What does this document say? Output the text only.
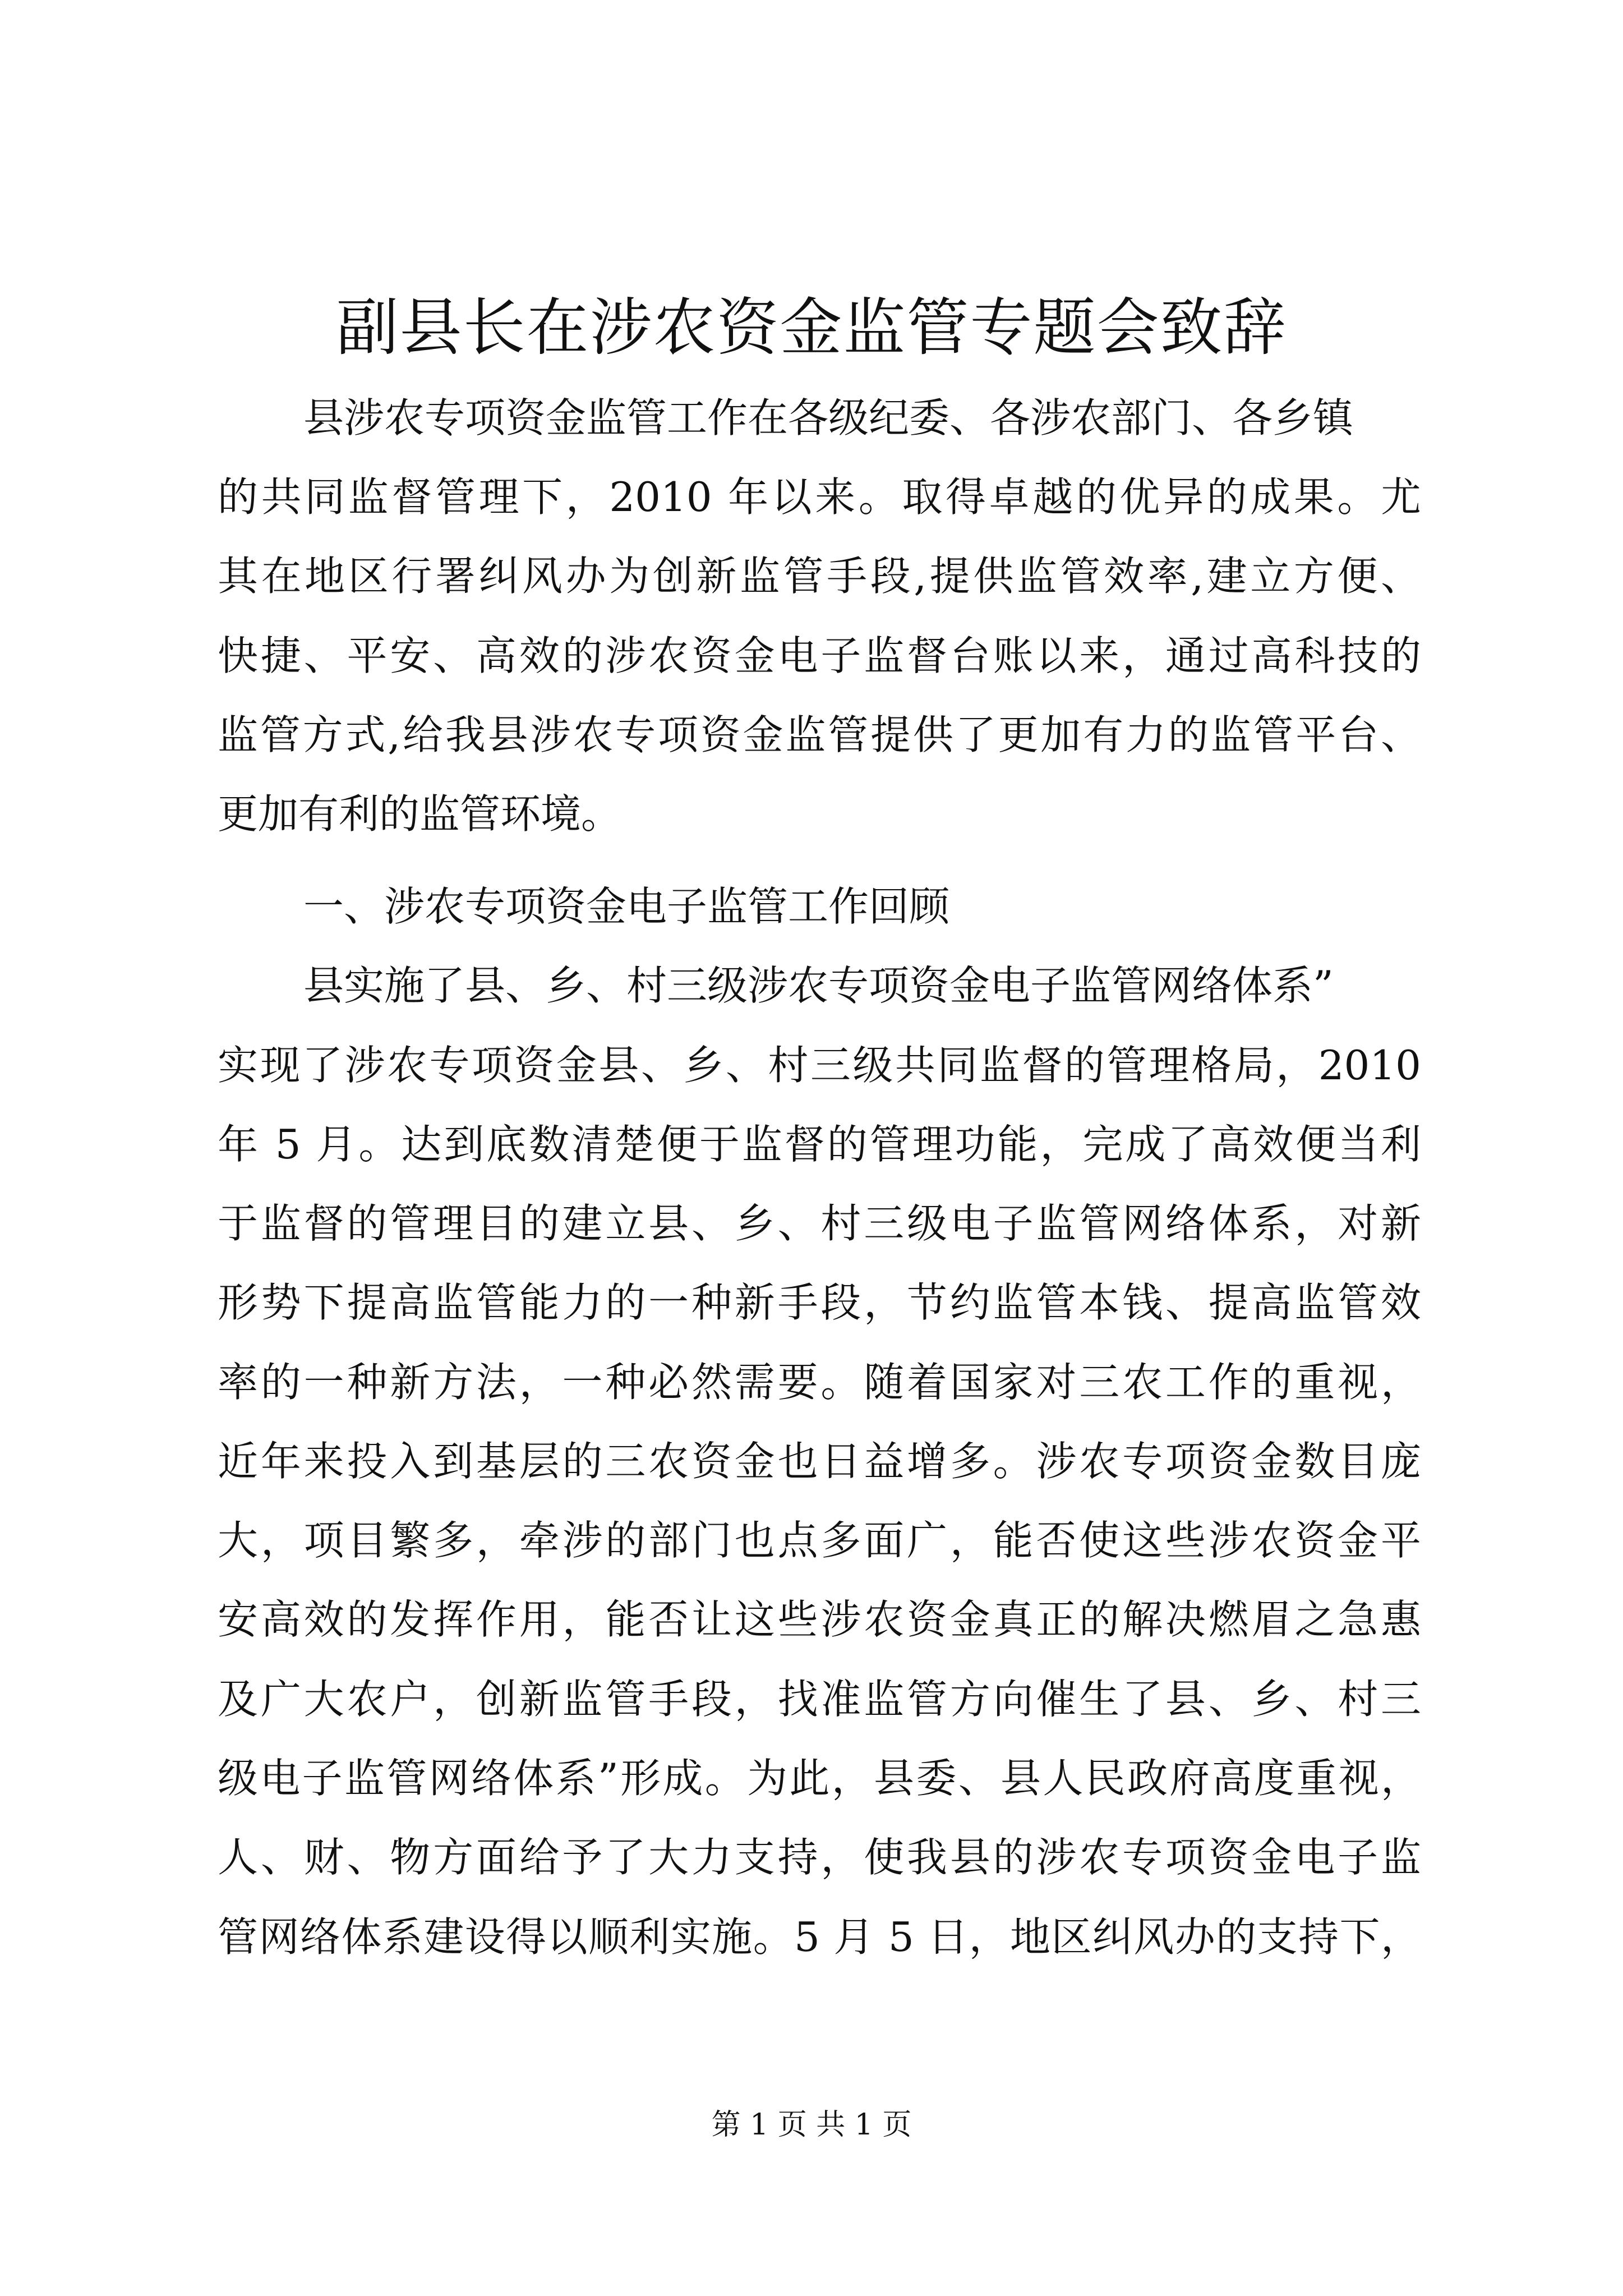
副县长在涉农资金监管专题会致辞

县涉农专项资金监管工作在各级纪委、各涉农部门、各乡镇

的共同监督管理下，2010 年以来。取得卓越的优异的成果。尤

其在地区行署纠风办为创新监管手段,提供监管效率,建立方便、

快捷、平安、高效的涉农资金电子监督台账以来，通过高科技的

监管方式,给我县涉农专项资金监管提供了更加有力的监管平台、

更加有利的监管环境。

一、涉农专项资金电子监管工作回顾

县实施了县、乡、村三级涉农专项资金电子监管网络体系”

实现了涉农专项资金县、乡、村三级共同监督的管理格局，2010

年 5 月。达到底数清楚便于监督的管理功能，完成了高效便当利

于监督的管理目的建立县、乡、村三级电子监管网络体系，对新

形势下提高监管能力的一种新手段，节约监管本钱、提高监管效

率的一种新方法，一种必然需要。随着国家对三农工作的重视，

近年来投入到基层的三农资金也日益增多。涉农专项资金数目庞

大，项目繁多，牵涉的部门也点多面广，能否使这些涉农资金平

安高效的发挥作用，能否让这些涉农资金真正的解决燃眉之急惠

及广大农户，创新监管手段，找准监管方向催生了县、乡、村三

级电子监管网络体系”形成。为此，县委、县人民政府高度重视，

人、财、物方面给予了大力支持，使我县的涉农专项资金电子监

管网络体系建设得以顺利实施。5 月 5 日，地区纠风办的支持下，

第 1 页 共 1 页
